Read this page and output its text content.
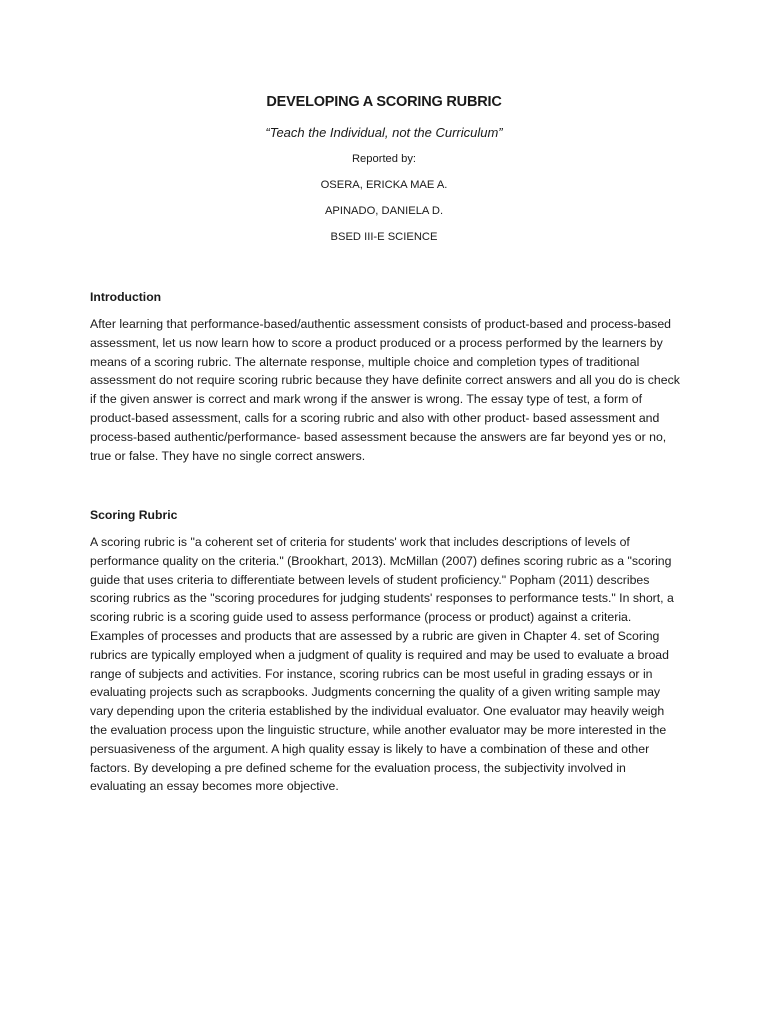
DEVELOPING A SCORING RUBRIC

“Teach the Individual, not the Curriculum”

Reported by:

OSERA, ERICKA MAE A.

APINADO, DANIELA D.

BSED III-E SCIENCE

Introduction

After learning that performance-based/authentic assessment consists of product-based and process-based assessment, let us now learn how to score a product produced or a process performed by the learners by means of a scoring rubric. The alternate response, multiple choice and completion types of traditional assessment do not require scoring rubric because they have definite correct answers and all you do is check if the given answer is correct and mark wrong if the answer is wrong. The essay type of test, a form of product-based assessment, calls for a scoring rubric and also with other product- based assessment and process-based authentic/performance- based assessment because the answers are far beyond yes or no, true or false. They have no single correct answers.

Scoring Rubric

A scoring rubric is "a coherent set of criteria for students' work that includes descriptions of levels of performance quality on the criteria." (Brookhart, 2013). McMillan (2007) defines scoring rubric as a "scoring guide that uses criteria to differentiate between levels of student proficiency." Popham (2011) describes scoring rubrics as the "scoring procedures for judging students' responses to performance tests." In short, a scoring rubric is a scoring guide used to assess performance (process or product) against a criteria. Examples of processes and products that are assessed by a rubric are given in Chapter 4. set of Scoring rubrics are typically employed when a judgment of quality is required and may be used to evaluate a broad range of subjects and activities. For instance, scoring rubrics can be most useful in grading essays or in evaluating projects such as scrapbooks. Judgments concerning the quality of a given writing sample may vary depending upon the criteria established by the individual evaluator. One evaluator may heavily weigh the evaluation process upon the linguistic structure, while another evaluator may be more interested in the persuasiveness of the argument. A high quality essay is likely to have a combination of these and other factors. By developing a pre defined scheme for the evaluation process, the subjectivity involved in evaluating an essay becomes more objective.
